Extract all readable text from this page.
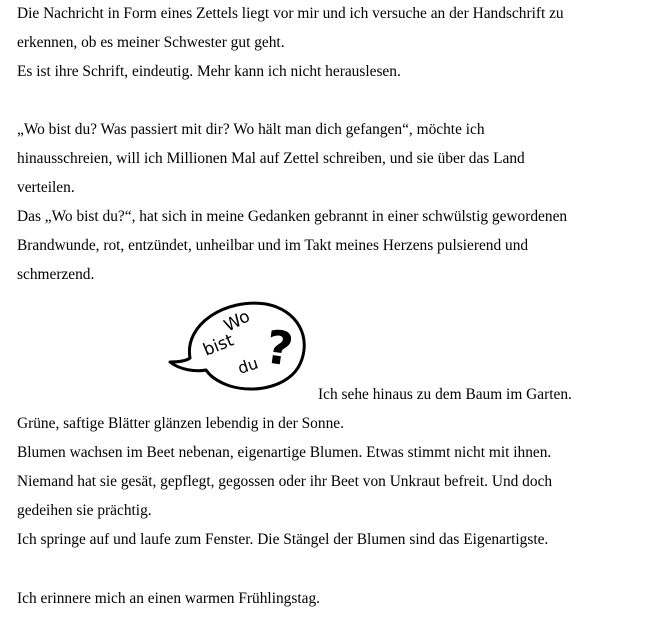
Die Nachricht in Form eines Zettels liegt vor mir und ich versuche an der Handschrift zu
erkennen, ob es meiner Schwester gut geht.
Es ist ihre Schrift, eindeutig. Mehr kann ich nicht herauslesen.
„Wo bist du? Was passiert mit dir? Wo hält man dich gefangen“, möchte ich
hinausschreien, will ich Millionen Mal auf Zettel schreiben, und sie über das Land
verteilen.
Das „Wo bist du?“, hat sich in meine Gedanken gebrannt in einer schwülstig gewordenen
Brandwunde, rot, entzündet, unheilbar und im Takt meines Herzens pulsierend und
schmerzend.
Wo
bist
du ?
Ich sehe hinaus zu dem Baum im Garten.
Grüne, saftige Blätter glänzen lebendig in der Sonne.
Blumen wachsen im Beet nebenan, eigenartige Blumen. Etwas stimmt nicht mit ihnen.
Niemand hat sie gesät, gepflegt, gegossen oder ihr Beet von Unkraut befreit. Und doch
gedeihen sie prächtig.
Ich springe auf und laufe zum Fenster. Die Stängel der Blumen sind das Eigenartigste.
Ich erinnere mich an einen warmen Frühlingstag.
